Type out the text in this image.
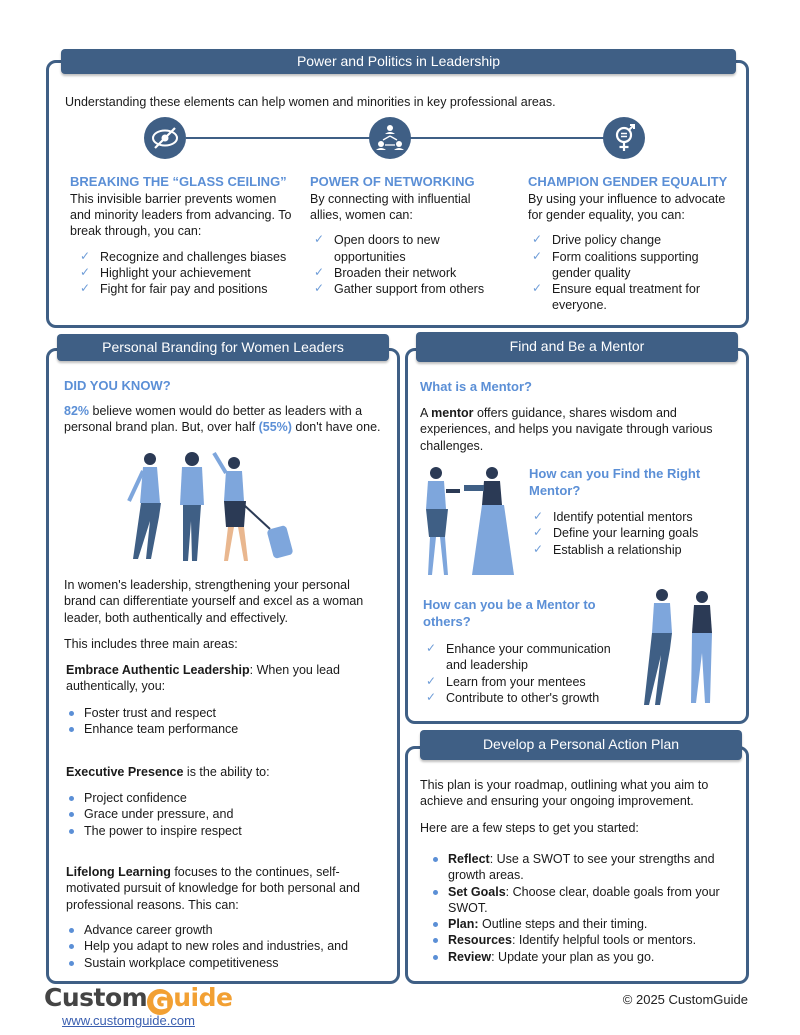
Power and Politics in Leadership

Understanding these elements can help women and minorities in key professional areas.

BREAKING THE “GLASS CEILING”

This invisible barrier prevents women and minority leaders from advancing. To break through, you can:

✓ Recognize and challenges biases
✓ Highlight your achievement
✓ Fight for fair pay and positions
POWER OF NETWORKING

By connecting with influential allies, women can:

✓ Open doors to new opportunities
✓ Broaden their network
✓ Gather support from others
CHAMPION GENDER EQUALITY

By using your influence to advocate for gender equality, you can:

✓ Drive policy change
✓ Form coalitions supporting gender quality
✓ Ensure equal treatment for everyone.
Personal Branding for Women Leaders
DID YOU KNOW?

82% believe women would do better as leaders with a personal brand plan. But, over half (55%) don't have one.

In women's leadership, strengthening your personal brand can differentiate yourself and excel as a woman leader, both authentically and effectively.

This includes three main areas:

Embrace Authentic Leadership: When you lead authentically, you:

Foster trust and respect
Enhance team performance

Executive Presence is the ability to:

Project confidence
Grace under pressure, and
The power to inspire respect

Lifelong Learning focuses to the continues, self-motivated pursuit of knowledge for both personal and professional reasons. This can:

Advance career growth
Help you adapt to new roles and industries, and
Sustain workplace competitiveness
Find and Be a Mentor
What is a Mentor?

A mentor offers guidance, shares wisdom and experiences, and helps you navigate through various challenges.

How can you Find the Right Mentor?
✓ Identify potential mentors
✓ Define your learning goals
✓ Establish a relationship
How can you be a Mentor to others?
✓ Enhance your communication and leadership
✓ Learn from your mentees
✓ Contribute to other's growth
Develop a Personal Action Plan

This plan is your roadmap, outlining what you aim to achieve and ensuring your ongoing improvement.

Here are a few steps to get you started:

Reflect: Use a SWOT to see your strengths and growth areas.
Set Goals: Choose clear, doable goals from your SWOT.
Plan: Outline steps and their timing.
Resources: Identify helpful tools or mentors.
Review: Update your plan as you go.
Custom G uide
www.customguide.com
© 2025 CustomGuide
